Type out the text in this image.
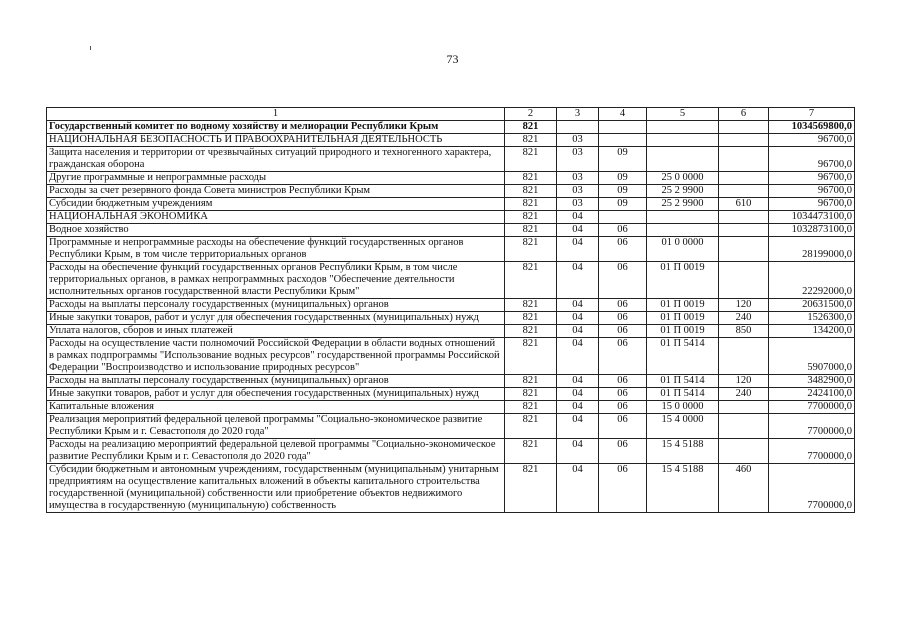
73
1	2	3	4	5	6	7
Государственный комитет по водному хозяйству и мелиорации Республики Крым	821					1034569800,0
НАЦИОНАЛЬНАЯ БЕЗОПАСНОСТЬ И ПРАВООХРАНИТЕЛЬНАЯ ДЕЯТЕЛЬНОСТЬ	821	03				96700,0
Защита населения и территории от чрезвычайных ситуаций природного и техногенного характера, гражданская оборона	821	03	09			96700,0
Другие программные и непрограммные расходы	821	03	09	25 0 0000		96700,0
Расходы за счет резервного фонда Совета министров Республики Крым	821	03	09	25 2 9900		96700,0
Субсидии бюджетным учреждениям	821	03	09	25 2 9900	610	96700,0
НАЦИОНАЛЬНАЯ ЭКОНОМИКА	821	04				1034473100,0
Водное хозяйство	821	04	06			1032873100,0
Программные и непрограммные расходы на обеспечение функций государственных органов Республики Крым, в том числе территориальных органов	821	04	06	01 0 0000		28199000,0
Расходы на обеспечение функций государственных органов Республики Крым, в том числе территориальных органов, в рамках непрограммных расходов "Обеспечение деятельности исполнительных органов государственной власти Республики Крым"	821	04	06	01 П 0019		22292000,0
Расходы на выплаты персоналу государственных (муниципальных) органов	821	04	06	01 П 0019	120	20631500,0
Иные закупки товаров, работ и услуг для обеспечения государственных (муниципальных) нужд	821	04	06	01 П 0019	240	1526300,0
Уплата налогов, сборов и иных платежей	821	04	06	01 П 0019	850	134200,0
Расходы на осуществление части полномочий Российской Федерации в области водных отношений в рамках подпрограммы "Использование водных ресурсов" государственной программы Российской Федерации "Воспроизводство и использование природных ресурсов"	821	04	06	01 П 5414		5907000,0
Расходы на выплаты персоналу государственных (муниципальных) органов	821	04	06	01 П 5414	120	3482900,0
Иные закупки товаров, работ и услуг для обеспечения государственных (муниципальных) нужд	821	04	06	01 П 5414	240	2424100,0
Капитальные вложения	821	04	06	15 0 0000		7700000,0
Реализация мероприятий федеральной целевой программы "Социально-экономическое развитие Республики Крым и г. Севастополя до 2020 года"	821	04	06	15 4 0000		7700000,0
Расходы на реализацию мероприятий федеральной целевой программы "Социально-экономическое развитие Республики Крым и г. Севастополя до 2020 года"	821	04	06	15 4 5188		7700000,0
Субсидии бюджетным и автономным учреждениям, государственным (муниципальным) унитарным предприятиям на осуществление капитальных вложений в объекты капитального строительства государственной (муниципальной) собственности или приобретение объектов недвижимого имущества в государственную (муниципальную) собственность	821	04	06	15 4 5188	460	7700000,0
